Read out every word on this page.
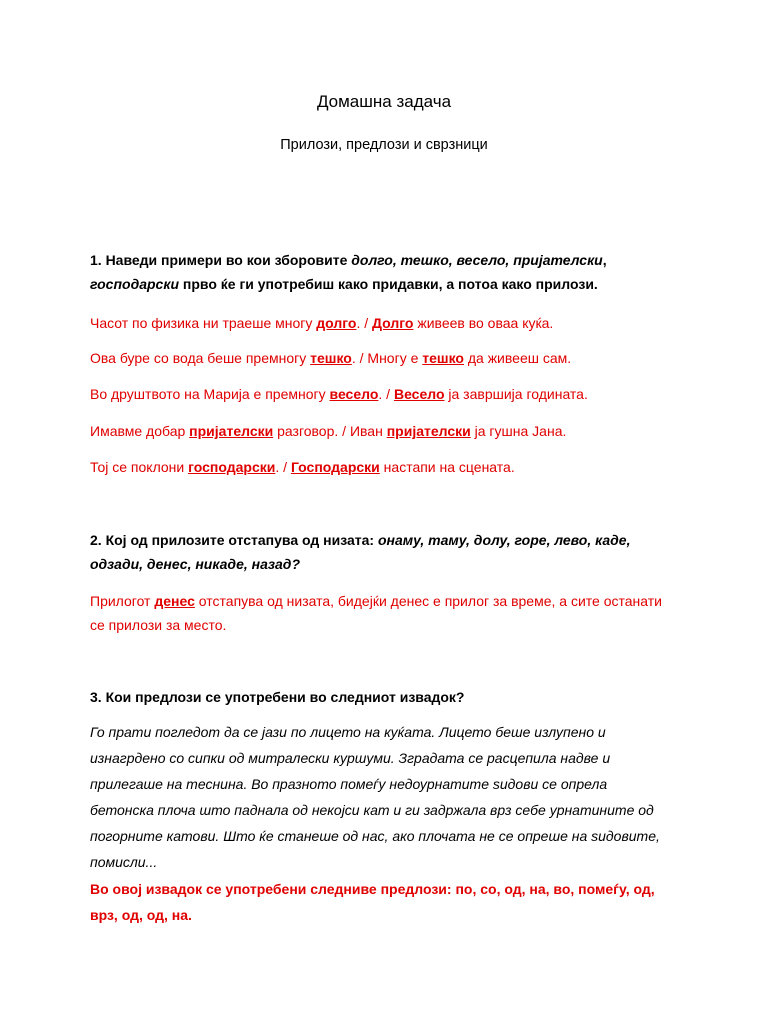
Домашна задача
Прилози, предлози и сврзници
1. Наведи примери во кои зборовите долго, тешко, весело, пријателски, господарски прво ќе ги употребиш како придавки, а потоа како прилози.
Часот по физика ни траеше многу долго. / Долго живеев во оваа куќа.
Ова буре со вода беше премногу тешко. / Многу е тешко да живееш сам.
Во друштвото на Марија е премногу весело. / Весело ја завршија годината.
Имавме добар пријателски разговор. / Иван пријателски ја гушна Јана.
Тој се поклони господарски. / Господарски настапи на сцената.
2. Кој од прилозите отстапува од низата: онаму, таму, долу, горе, лево, каде, одзади, денес, никаде, назад?
Прилогот денес отстапува од низата, бидејќи денес е прилог за време, а сите останати се прилози за место.
3. Кои предлози се употребени во следниот извадок?
Го прати погледот да се јази по лицето на куќата. Лицето беше излупено и изнагрдено со сипки од митралески куршуми. Зградата се расцепила надве и прилегаше на теснина. Во празното помеѓу недоурнатите ѕидови се опрела бетонска плоча што паднала од некојси кат и ги задржала врз себе урнатините од погорните катови. Што ќе станеше од нас, ако плочата не се опреше на ѕидовите, помисли...
Во овој извадок се употребени следниве предлози: по, со, од, на, во, помеѓу, од, врз, од, од, на.
